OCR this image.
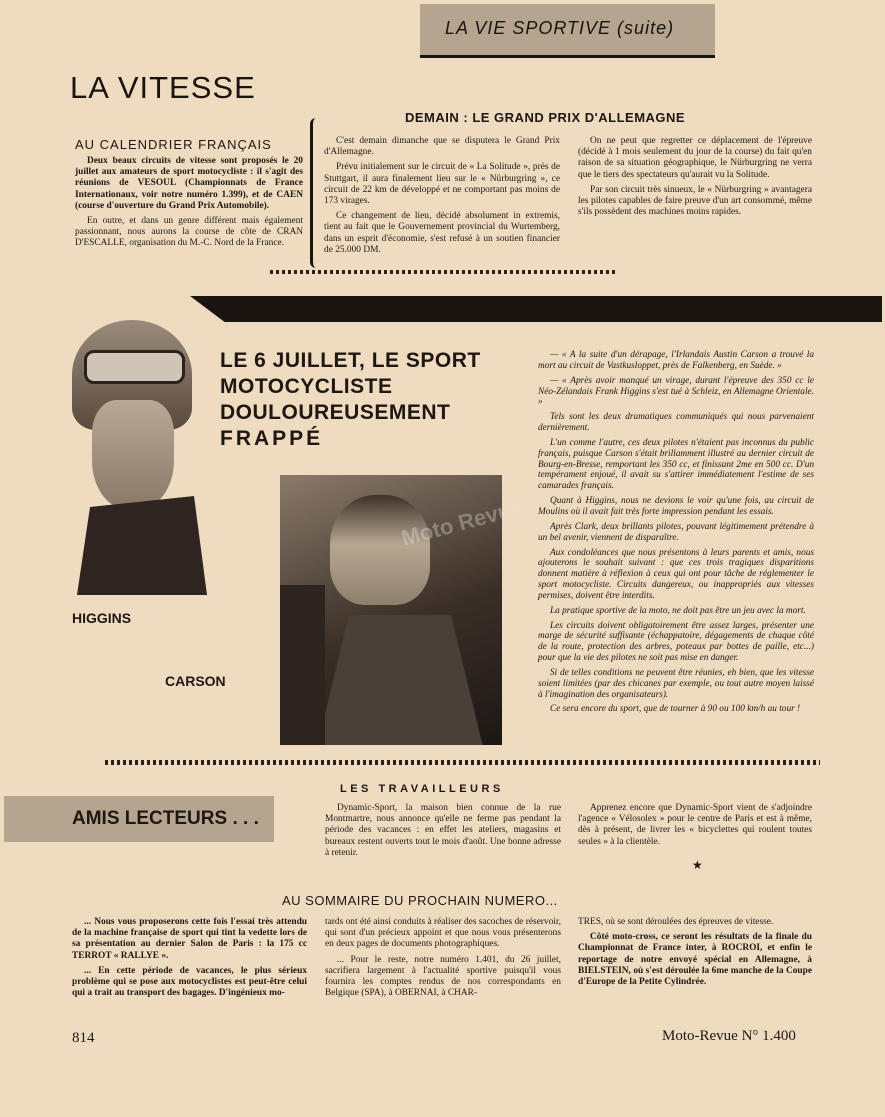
LA VIE SPORTIVE (suite)
LA VITESSE
AU CALENDRIER FRANÇAIS

Deux beaux circuits de vitesse sont proposés le 20 juillet aux amateurs de sport motocycliste : il s'agit des réunions de VESOUL (Championnats de France Internationaux, voir notre numéro 1.399), et de CAEN (course d'ouverture du Grand Prix Automobile).

En outre, et dans un genre différent mais également passionnant, nous aurons la course de côte de CRAN D'ESCALLE, organisation du M.-C. Nord de la France.

DEMAIN : LE GRAND PRIX D'ALLEMAGNE

C'est demain dimanche que se disputera le Grand Prix d'Allemagne.

Prévu initialement sur le circuit de « La Solitude », près de Stuttgart, il aura finalement lieu sur le « Nürburgring », ce circuit de 22 km de développé et ne comportant pas moins de 173 virages.

Ce changement de lieu, décidé absolument in extremis, tient au fait que le Gouvernement provincial du Wurtemberg, dans un esprit d'économie, s'est refusé à un soutien financier de 25.000 DM.

On ne peut que regretter ce déplacement de l'épreuve (décidé à 1 mois seulement du jour de la course) du fait qu'en raison de sa situation géographique, le Nürburgring ne verra que le tiers des spectateurs qu'aurait vu la Solitude.

Par son circuit très sinueux, le « Nürburgring » avantagera les pilotes capables de faire preuve d'un art consommé, même s'ils possèdent des machines moins rapides.

HIGGINS
Moto Revue
CARSON
LE 6 JUILLET, LE SPORT
MOTOCYCLISTE
DOULOUREUSEMENT
FRAPPÉ

— « A la suite d'un dérapage, l'Irlandais Austin Carson a trouvé la mort au circuit de Vastkusloppet, près de Falkenberg, en Suède. »

— « Après avoir manqué un virage, durant l'épreuve des 350 cc le Néo-Zélandais Frank Higgins s'est tué à Schleiz, en Allemagne Orientale. »

Tels sont les deux dramatiques communiqués qui nous parvenaient dernièrement.

L'un comme l'autre, ces deux pilotes n'étaient pas inconnus du public français, puisque Carson s'était brillamment illustré au dernier circuit de Bourg-en-Bresse, remportant les 350 cc, et finissant 2me en 500 cc. D'un tempérament enjoué, il avait su s'attirer immédiatement l'estime de ses camarades français.

Quant à Higgins, nous ne devions le voir qu'une fois, au circuit de Moulins où il avait fait très forte impression pendant les essais.

Après Clark, deux brillants pilotes, pouvant légitimement prétendre à un bel avenir, viennent de disparaître.

Aux condoléances que nous présentons à leurs parents et amis, nous ajouterons le souhait suivant : que ces trois tragiques disparitions donnent matière à réflexion à ceux qui ont pour tâche de réglementer le sport motocycliste. Circuits dangereux, ou inappropriés aux vitesses permises, doivent être interdits.

La pratique sportive de la moto, ne doit pas être un jeu avec la mort.

Les circuits doivent obligatoirement être assez larges, présenter une marge de sécurité suffisante (échappatoire, dégagements de chaque côté de la route, protection des arbres, poteaux par bottes de paille, etc...) pour que la vie des pilotes ne soit pas mise en danger.

Si de telles conditions ne peuvent être réunies, eh bien, que les vitesse soient limitées (par des chicanes par exemple, ou tout autre moyen laissé à l'imagination des organisateurs).

Ce sera encore du sport, que de tourner à 90 ou 100 km/h au tour !

AMIS LECTEURS . . .
LES TRAVAILLEURS

Dynamic-Sport, la maison bien connue de la rue Montmartre, nous annonce qu'elle ne ferme pas pendant la période des vacances : en effet les ateliers, magasins et bureaux restent ouverts tout le mois d'août. Une bonne adresse à retenir.

Apprenez encore que Dynamic-Sport vient de s'adjoindre l'agence « Vélosolex » pour le centre de Paris et est à même, dès à présent, de livrer les « bicyclettes qui roulent toutes seules » à la clientèle.

★
AU SOMMAIRE DU PROCHAIN NUMERO...

... Nous vous proposerons cette fois l'essai très attendu de la machine française de sport qui tint la vedette lors de sa présentation au dernier Salon de Paris : la 175 cc TERROT « RALLYE ».

... En cette période de vacances, le plus sérieux problème qui se pose aux motocyclistes est peut-être celui qui a trait au transport des bagages. D'ingénieux mo-

tards ont été ainsi conduits à réaliser des sacoches de réservoir, qui sont d'un précieux appoint et que nous vous présenterons en deux pages de documents photographiques.

... Pour le reste, notre numéro 1.401, du 26 juillet, sacrifiera largement à l'actualité sportive puisqu'il vous fournira les comptes rendus de nos correspondants en Belgique (SPA), à OBERNAI, à CHAR-

TRES, où se sont déroulées des épreuves de vitesse.

Côté moto-cross, ce seront les résultats de la finale du Championnat de France inter, à ROCROI, et enfin le reportage de notre envoyé spécial en Allemagne, à BIELSTEIN, où s'est déroulée la 6me manche de la Coupe d'Europe de la Petite Cylindrée.

814	Moto-Revue N° 1.400
